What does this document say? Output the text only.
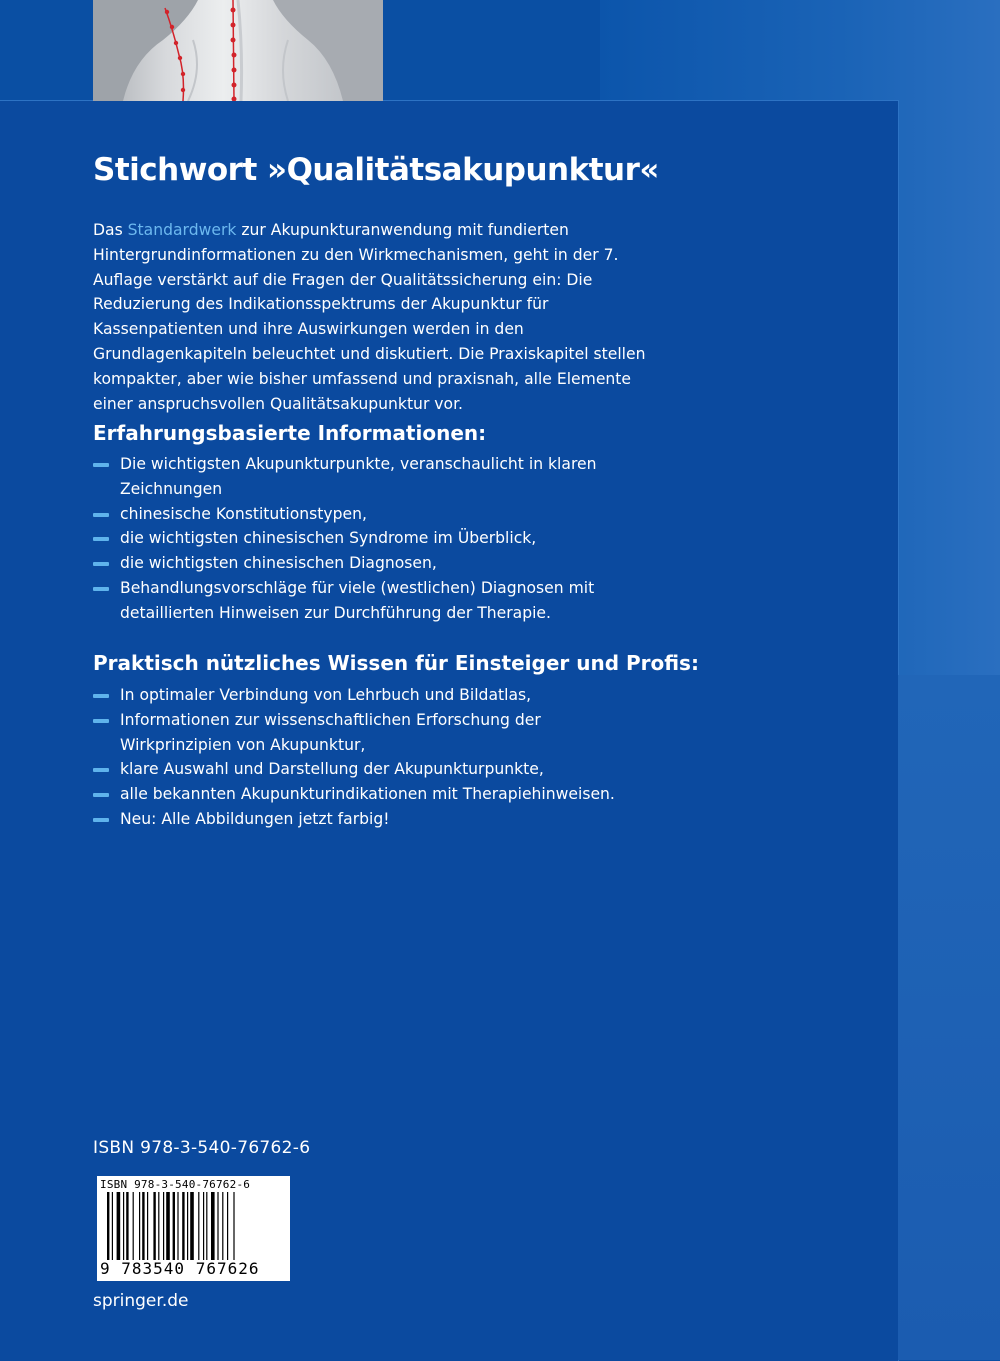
Stichwort »Qualitätsakupunktur«

Das Standardwerk zur Akupunkturanwendung mit fundierten Hintergrundinformationen zu den Wirkmechanismen, geht in der 7. Auflage verstärkt auf die Fragen der Qualitätssicherung ein: Die Reduzierung des Indikationsspektrums der Akupunktur für Kassenpatienten und ihre Auswirkungen werden in den Grundlagenkapiteln beleuchtet und diskutiert. Die Praxiskapitel stellen kompakter, aber wie bisher umfassend und praxisnah, alle Elemente einer anspruchsvollen Qualitätsakupunktur vor.

Erfahrungsbasierte Informationen:
Die wichtigsten Akupunkturpunkte, veranschaulicht in klaren Zeichnungen
chinesische Konstitutionstypen,
die wichtigsten chinesischen Syndrome im Überblick,
die wichtigsten chinesischen Diagnosen,
Behandlungsvorschläge für viele (westlichen) Diagnosen mit detaillierten Hinweisen zur Durchführung der Therapie.
Praktisch nützliches Wissen für Einsteiger und Profis:
In optimaler Verbindung von Lehrbuch und Bildatlas,
Informationen zur wissenschaftlichen Erforschung der Wirkprinzipien von Akupunktur,
klare Auswahl und Darstellung der Akupunkturpunkte,
alle bekannten Akupunkturindikationen mit Therapiehinweisen.
Neu: Alle Abbildungen jetzt farbig!
ISBN 978-3-540-76762-6
ISBN 978-3-540-76762-6
9 783540 767626
springer.de
